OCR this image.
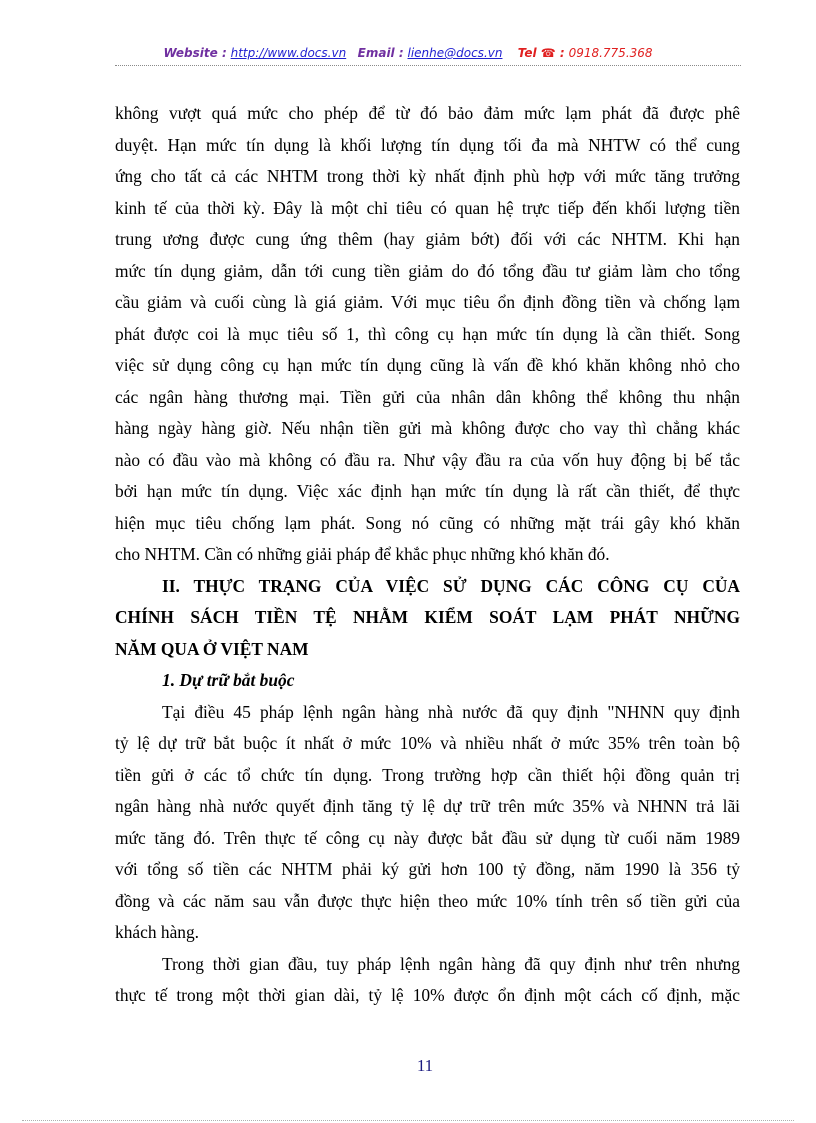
Website : http://www.docs.vn Email : lienhe@docs.vn Tel ☎ : 0918.775.368
không vượt quá mức cho phép để từ đó bảo đảm mức lạm phát đã được phê
duyệt. Hạn mức tín dụng là khối lượng tín dụng tối đa mà NHTW có thể cung
ứng cho tất cả các NHTM trong thời kỳ nhất định phù hợp với mức tăng trưởng
kinh tế của thời kỳ. Đây là một chỉ tiêu có quan hệ trực tiếp đến khối lượng tiền
trung ương được cung ứng thêm (hay giảm bớt) đối với các NHTM. Khi hạn
mức tín dụng giảm, dẫn tới cung tiền giảm do đó tổng đầu tư giảm làm cho tổng
cầu giảm và cuối cùng là giá giảm. Với mục tiêu ổn định đồng tiền và chống lạm
phát được coi là mục tiêu số 1, thì công cụ hạn mức tín dụng là cần thiết. Song
việc sử dụng công cụ hạn mức tín dụng cũng là vấn đề khó khăn không nhỏ cho
các ngân hàng thương mại. Tiền gửi của nhân dân không thể không thu nhận
hàng ngày hàng giờ. Nếu nhận tiền gửi mà không được cho vay thì chẳng khác
nào có đầu vào mà không có đầu ra. Như vậy đầu ra của vốn huy động bị bế tắc
bởi hạn mức tín dụng. Việc xác định hạn mức tín dụng là rất cần thiết, để thực
hiện mục tiêu chống lạm phát. Song nó cũng có những mặt trái gây khó khăn
cho NHTM. Cần có những giải pháp để khắc phục những khó khăn đó.
II. THỰC TRẠNG CỦA VIỆC SỬ DỤNG CÁC CÔNG CỤ CỦA
CHÍNH SÁCH TIỀN TỆ NHẰM KIỂM SOÁT LẠM PHÁT NHỮNG
NĂM QUA Ở VIỆT NAM
1. Dự trữ bắt buộc
Tại điều 45 pháp lệnh ngân hàng nhà nước đã quy định "NHNN quy định
tỷ lệ dự trữ bắt buộc ít nhất ở mức 10% và nhiều nhất ở mức 35% trên toàn bộ
tiền gửi ở các tổ chức tín dụng. Trong trường hợp cần thiết hội đồng quản trị
ngân hàng nhà nước quyết định tăng tỷ lệ dự trữ trên mức 35% và NHNN trả lãi
mức tăng đó. Trên thực tế công cụ này được bắt đầu sử dụng từ cuối năm 1989
với tổng số tiền các NHTM phải ký gửi hơn 100 tỷ đồng, năm 1990 là 356 tỷ
đồng và các năm sau vẫn được thực hiện theo mức 10% tính trên số tiền gửi của
khách hàng.
Trong thời gian đầu, tuy pháp lệnh ngân hàng đã quy định như trên nhưng
thực tế trong một thời gian dài, tỷ lệ 10% được ổn định một cách cố định, mặc
11
